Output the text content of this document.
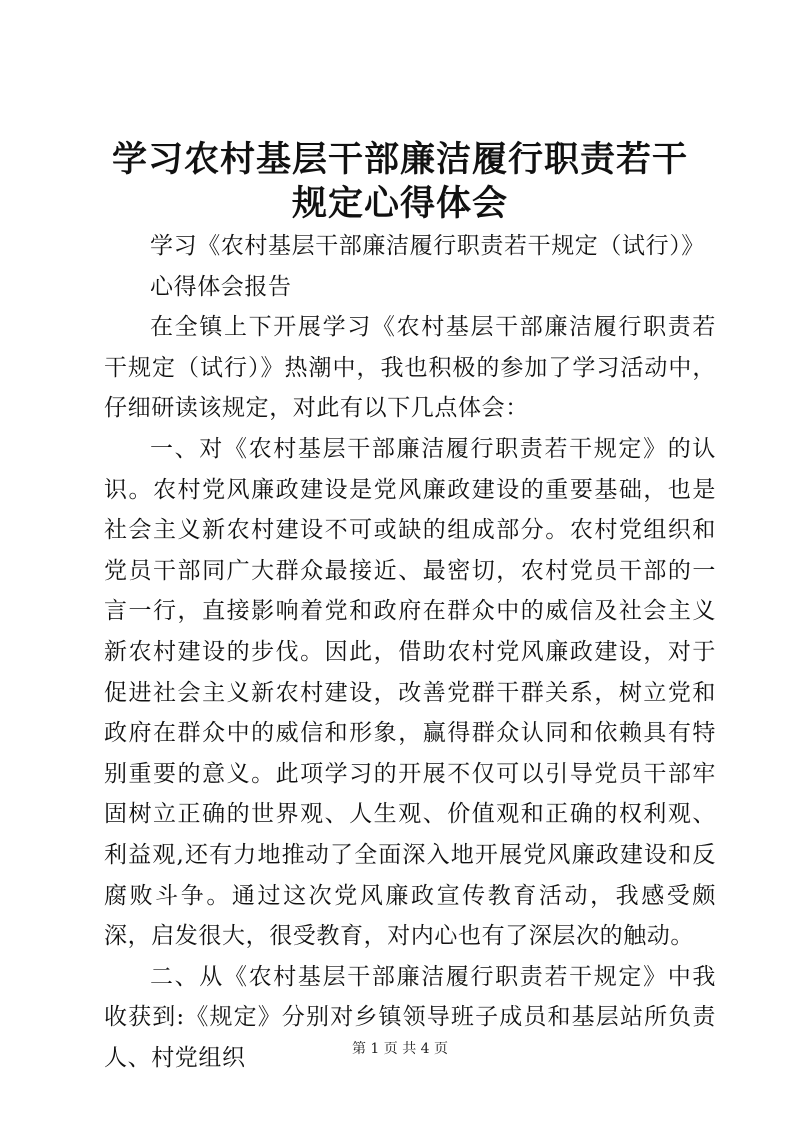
学习农村基层干部廉洁履行职责若干规定心得体会

学习《农村基层干部廉洁履行职责若干规定（试行）》

心得体会报告

在全镇上下开展学习《农村基层干部廉洁履行职责若干规定（试行）》热潮中，我也积极的参加了学习活动中，仔细研读该规定，对此有以下几点体会：

一、对《农村基层干部廉洁履行职责若干规定》的认识。农村党风廉政建设是党风廉政建设的重要基础，也是社会主义新农村建设不可或缺的组成部分。农村党组织和党员干部同广大群众最接近、最密切，农村党员干部的一言一行，直接影响着党和政府在群众中的威信及社会主义新农村建设的步伐。因此，借助农村党风廉政建设，对于促进社会主义新农村建设，改善党群干群关系，树立党和政府在群众中的威信和形象，赢得群众认同和依赖具有特别重要的意义。此项学习的开展不仅可以引导党员干部牢固树立正确的世界观、人生观、价值观和正确的权利观、利益观,还有力地推动了全面深入地开展党风廉政建设和反腐败斗争。通过这次党风廉政宣传教育活动，我感受颇深，启发很大，很受教育，对内心也有了深层次的触动。

二、从《农村基层干部廉洁履行职责若干规定》中我收获到:《规定》分别对乡镇领导班子成员和基层站所负责人、村党组织	第 1 页 共 4 页
